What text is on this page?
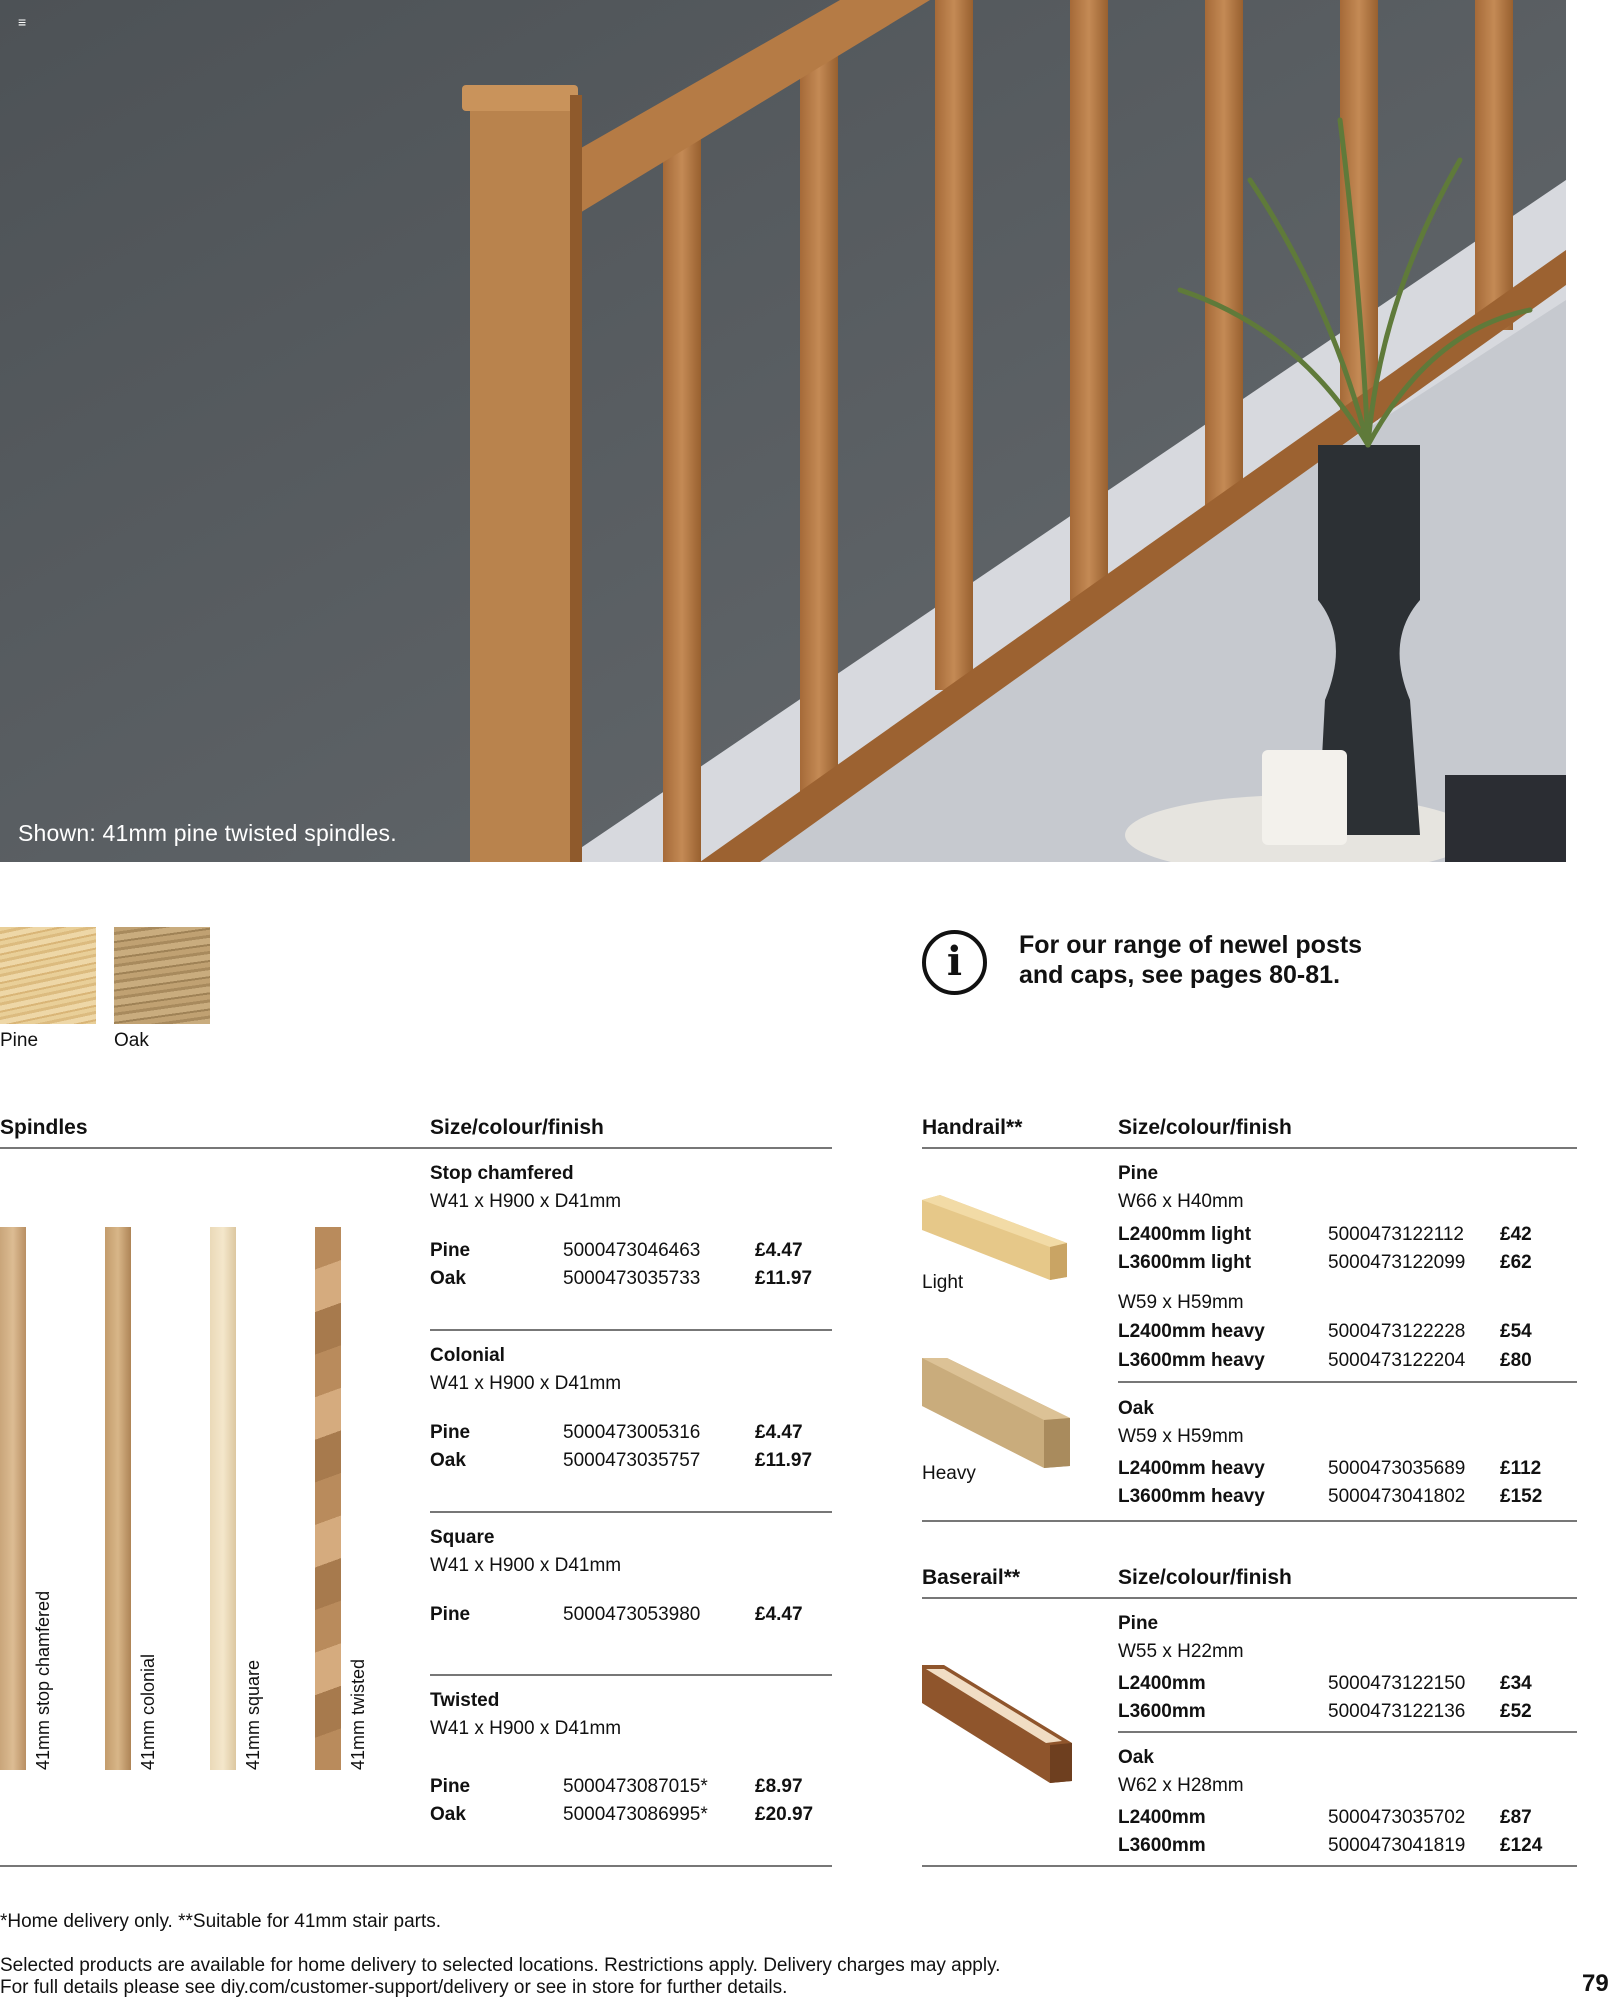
≡
Shown: 41mm pine twisted spindles.
Pine	Oak
i	For our range of newel posts
and caps, see pages 80-81.
Spindles	Size/colour/finish
41mm stop chamfered	41mm colonial	41mm square	41mm twisted
Stop chamfered
W41 x H900 x D41mm
Pine	5000473046463	£4.47
Oak	5000473035733	£11.97
Colonial
W41 x H900 x D41mm
Pine	5000473005316	£4.47
Oak	5000473035757	£11.97
Square
W41 x H900 x D41mm
Pine	5000473053980	£4.47
Twisted
W41 x H900 x D41mm
Pine	5000473087015* £8.97
Oak	5000473086995* £20.97
Handrail**	Size/colour/finish
Light
Heavy
Pine
W66 x H40mm
L2400mm light	5000473122112 £42
L3600mm light	5000473122099 £62
W59 x H59mm
L2400mm heavy	5000473122228 £54
L3600mm heavy	5000473122204 £80
Oak
W59 x H59mm
L2400mm heavy	5000473035689 £112
L3600mm heavy	5000473041802 £152
Baserail**	Size/colour/finish
Pine
W55 x H22mm
L2400mm	5000473122150 £34
L3600mm	5000473122136 £52
Oak
W62 x H28mm
L2400mm	5000473035702 £87
L3600mm	5000473041819 £124
*Home delivery only. **Suitable for 41mm stair parts.
Selected products are available for home delivery to selected locations. Restrictions apply. Delivery charges may apply.
For full details please see diy.com/customer-support/delivery or see in store for further details.	79
